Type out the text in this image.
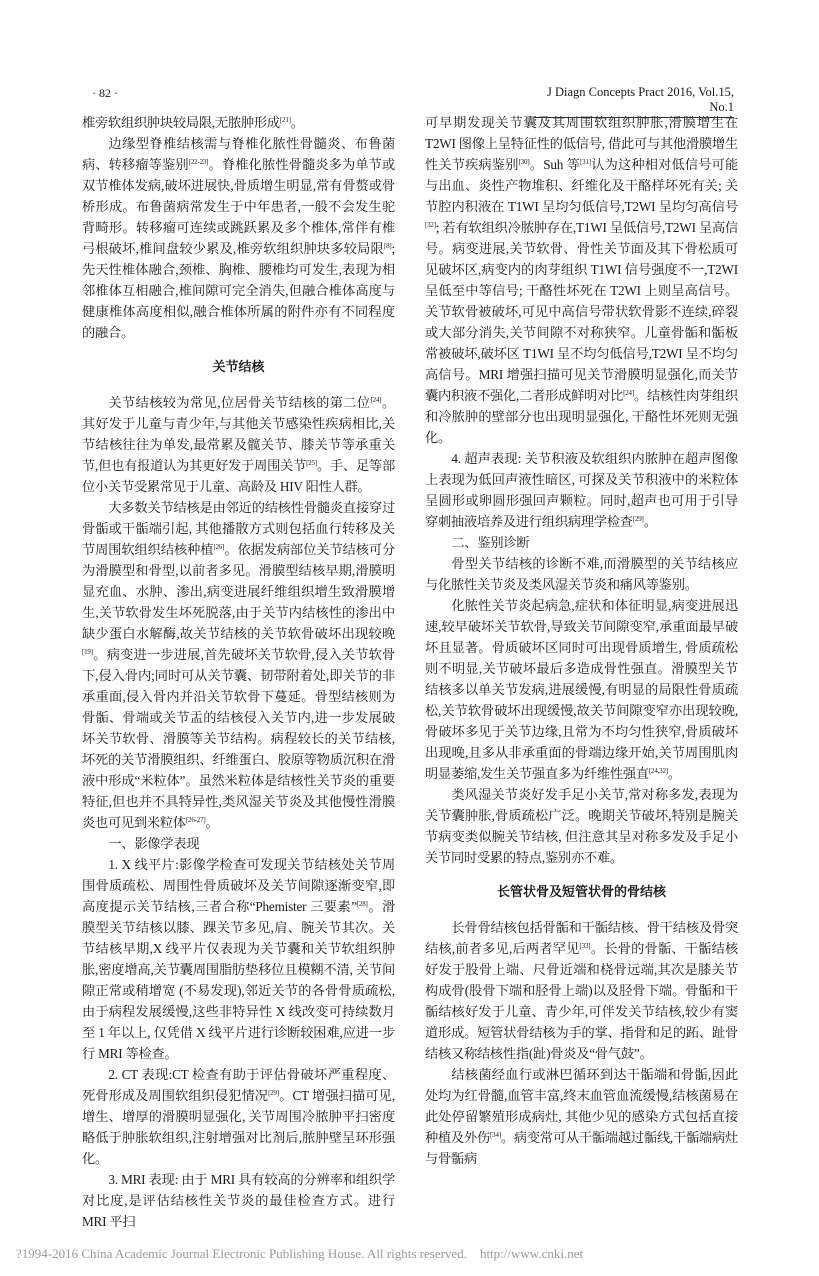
· 82 ·	J Diagn Concepts Pract 2016, Vol.15, No.1

椎旁软组织肿块较局限,无脓肿形成[21]。

边缘型脊椎结核需与脊椎化脓性骨髓炎、布鲁菌病、转移瘤等鉴别[22-23]。脊椎化脓性骨髓炎多为单节或双节椎体发病,破坏进展快,骨质增生明显,常有骨赘或骨桥形成。布鲁菌病常发生于中年患者,一般不会发生驼背畸形。转移瘤可连续或跳跃累及多个椎体,常伴有椎弓根破坏,椎间盘较少累及,椎旁软组织肿块多较局限[8]; 先天性椎体融合,颈椎、胸椎、腰椎均可发生,表现为相邻椎体互相融合,椎间隙可完全消失,但融合椎体高度与健康椎体高度相似,融合椎体所属的附件亦有不同程度的融合。

关节结核

关节结核较为常见,位居骨关节结核的第二位[24]。其好发于儿童与青少年,与其他关节感染性疾病相比,关节结核往往为单发,最常累及髋关节、膝关节等承重关节,但也有报道认为其更好发于周围关节[25]。手、足等部位小关节受累常见于儿童、高龄及 HIV 阳性人群。

大多数关节结核是由邻近的结核性骨髓炎直接穿过骨骺或干骺端引起, 其他播散方式则包括血行转移及关节周围软组织结核种植[26]。依据发病部位关节结核可分为滑膜型和骨型,以前者多见。滑膜型结核早期,滑膜明显充血、水肿、渗出,病变进展纤维组织增生致滑膜增生,关节软骨发生坏死脱落,由于关节内结核性的渗出中缺少蛋白水解酶,故关节结核的关节软骨破坏出现较晚[19]。病变进一步进展,首先破坏关节软骨,侵入关节软骨下,侵入骨内;同时可从关节囊、韧带附着处,即关节的非承重面,侵入骨内并沿关节软骨下蔓延。骨型结核则为骨骺、骨端或关节盂的结核侵入关节内,进一步发展破坏关节软骨、滑膜等关节结构。病程较长的关节结核,坏死的关节滑膜组织、纤维蛋白、胶原等物质沉积在滑液中形成“米粒体”。虽然米粒体是结核性关节炎的重要特征,但也并不具特异性,类风湿关节炎及其他慢性滑膜炎也可见到米粒体[26-27]。

一、影像学表现

1. X 线平片:影像学检查可发现关节结核处关节周围骨质疏松、周围性骨质破坏及关节间隙逐渐变窄,即高度提示关节结核,三者合称“Phemister 三要素”[28]。滑膜型关节结核以膝、踝关节多见,肩、腕关节其次。关节结核早期,X 线平片仅表现为关节囊和关节软组织肿胀,密度增高,关节囊周围脂肪垫移位且模糊不清, 关节间隙正常或稍增宽 (不易发现),邻近关节的各骨骨质疏松,由于病程发展缓慢,这些非特异性 X 线改变可持续数月至 1 年以上, 仅凭借 X 线平片进行诊断较困难,应进一步行 MRI 等检查。

2. CT 表现:CT 检查有助于评估骨破坏严重程度、死骨形成及周围软组织侵犯情况[29]。CT 增强扫描可见,增生、增厚的滑膜明显强化, 关节周围冷脓肿平扫密度略低于肿胀软组织,注射增强对比剂后,脓肿壁呈环形强化。

3. MRI 表现: 由于 MRI 具有较高的分辨率和组织学对比度,是评估结核性关节炎的最佳检查方式。进行 MRI 平扫

可早期发现关节囊及其周围软组织肿胀,滑膜增生在 T2WI 图像上呈特征性的低信号, 借此可与其他滑膜增生性关节疾病鉴别[30]。Suh 等[31]认为这种相对低信号可能与出血、炎性产物堆积、纤维化及干酪样坏死有关; 关节腔内积液在 T1WI 呈均匀低信号,T2WI 呈均匀高信号[32]; 若有软组织冷脓肿存在,T1WI 呈低信号,T2WI 呈高信号。病变进展,关节软骨、骨性关节面及其下骨松质可见破坏区,病变内的肉芽组织 T1WI 信号强度不一,T2WI 呈低至中等信号; 干酪性坏死在 T2WI 上则呈高信号。关节软骨被破坏,可见中高信号带状软骨影不连续,碎裂或大部分消失,关节间隙不对称狭窄。儿童骨骺和骺板常被破坏,破坏区 T1WI 呈不均匀低信号,T2WI 呈不均匀高信号。MRI 增强扫描可见关节滑膜明显强化,而关节囊内积液不强化,二者形成鲜明对比[24]。结核性肉芽组织和冷脓肿的壁部分也出现明显强化, 干酪性坏死则无强化。

4. 超声表现: 关节积液及软组织内脓肿在超声图像上表现为低回声液性暗区, 可探及关节积液中的米粒体呈圆形或卵圆形强回声颗粒。同时,超声也可用于引导穿刺抽液培养及进行组织病理学检查[29]。

二、鉴别诊断

骨型关节结核的诊断不难,而滑膜型的关节结核应与化脓性关节炎及类风湿关节炎和痛风等鉴别。

化脓性关节炎起病急,症状和体征明显,病变进展迅速,较早破坏关节软骨,导致关节间隙变窄,承重面最早破坏且显著。骨质破坏区同时可出现骨质增生, 骨质疏松则不明显,关节破坏最后多造成骨性强直。滑膜型关节结核多以单关节发病,进展缓慢,有明显的局限性骨质疏松,关节软骨破坏出现缓慢,故关节间隙变窄亦出现较晚,骨破坏多见于关节边缘,且常为不均匀性狭窄,骨质破坏出现晚,且多从非承重面的骨端边缘开始,关节周围肌肉明显萎缩,发生关节强直多为纤维性强直[24,32]。

类风湿关节炎好发手足小关节,常对称多发,表现为关节囊肿胀,骨质疏松广泛。晚期关节破坏,特别是腕关节病变类似腕关节结核, 但注意其呈对称多发及手足小关节同时受累的特点,鉴别亦不难。

长管状骨及短管状骨的骨结核

长骨骨结核包括骨骺和干骺结核、骨干结核及骨突结核,前者多见,后两者罕见[33]。长骨的骨骺、干骺结核好发于股骨上端、尺骨近端和桡骨远端,其次是膝关节构成骨(股骨下端和胫骨上端)以及胫骨下端。骨骺和干骺结核好发于儿童、青少年,可伴发关节结核,较少有窦道形成。短管状骨结核为手的掌、指骨和足的跖、趾骨结核又称结核性指(趾)骨炎及“骨气鼓”。

结核菌经血行或淋巴循环到达干骺端和骨骺,因此处均为红骨髓,血管丰富,终末血管血流缓慢,结核菌易在此处停留繁殖形成病灶, 其他少见的感染方式包括直接种植及外伤[34]。病变常可从干骺端越过骺线,干骺端病灶与骨骺病

?1994-2016 China Academic Journal Electronic Publishing House. All rights reserved.    http://www.cnki.net
